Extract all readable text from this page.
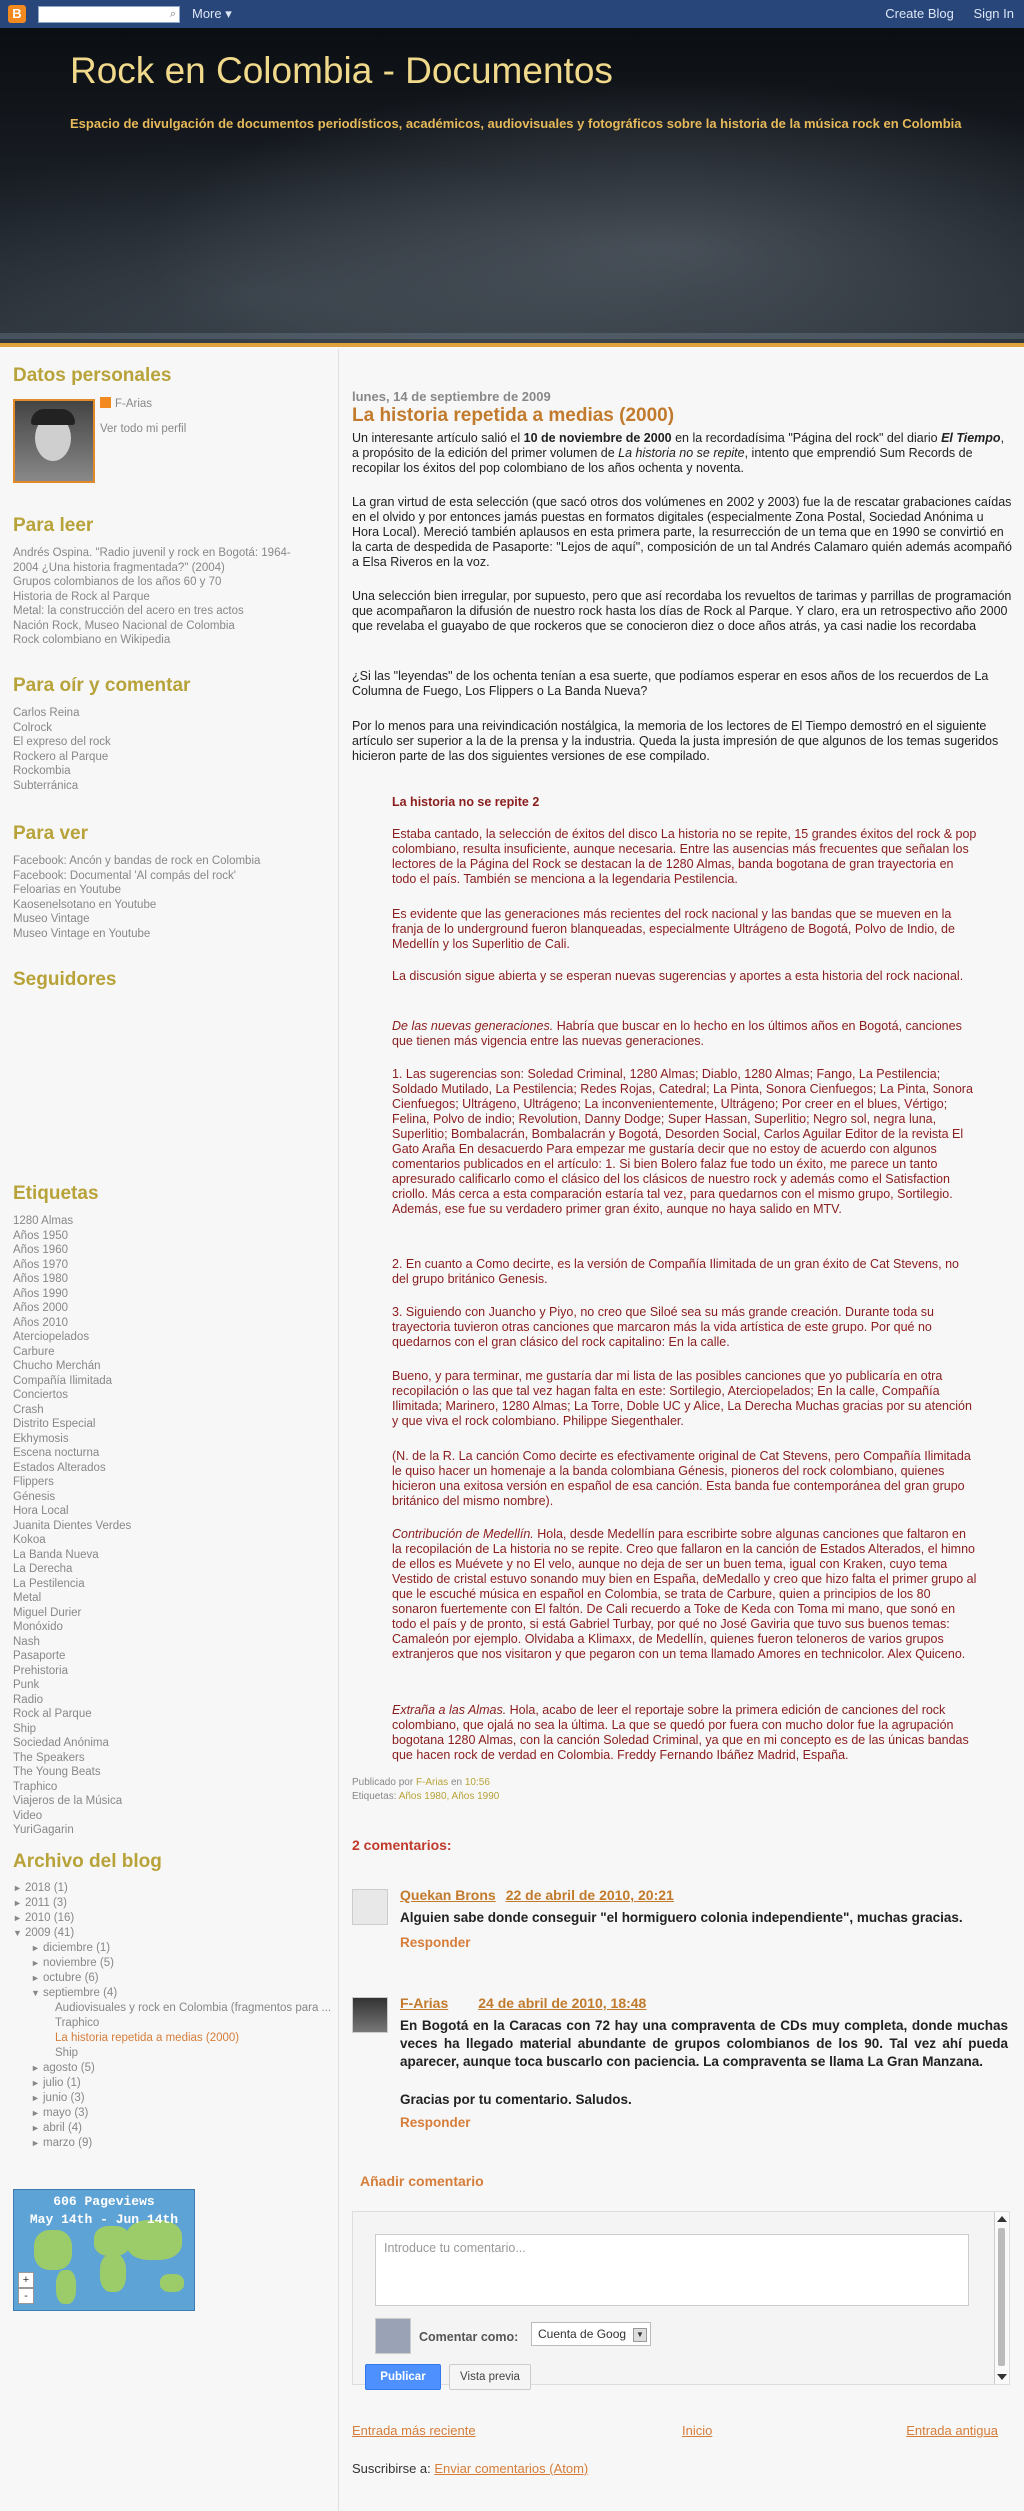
B	⌕ More ▾	Create Blog Sign In
Rock en Colombia - Documentos
Espacio de divulgación de documentos periodísticos, académicos, audiovisuales y fotográficos sobre la historia de la música rock en Colombia
Datos personales
F-Arias
Ver todo mi perfil
Para leer
Andrés Ospina. "Radio juvenil y rock en Bogotá: 1964-
2004 ¿Una historia fragmentada?" (2004)
Grupos colombianos de los años 60 y 70
Historia de Rock al Parque
Metal: la construcción del acero en tres actos
Nación Rock, Museo Nacional de Colombia
Rock colombiano en Wikipedia
Para oír y comentar
Carlos Reina
Colrock
El expreso del rock
Rockero al Parque
Rockombia
Subterránica
Para ver
Facebook: Ancón y bandas de rock en Colombia
Facebook: Documental 'Al compás del rock'
Feloarias en Youtube
Kaosenelsotano en Youtube
Museo Vintage
Museo Vintage en Youtube
Seguidores
Etiquetas
1280 Almas
Años 1950
Años 1960
Años 1970
Años 1980
Años 1990
Años 2000
Años 2010
Aterciopelados
Carbure
Chucho Merchán
Compañía Ilimitada
Conciertos
Crash
Distrito Especial
Ekhymosis
Escena nocturna
Estados Alterados
Flippers
Génesis
Hora Local
Juanita Dientes Verdes
Kokoa
La Banda Nueva
La Derecha
La Pestilencia
Metal
Miguel Durier
Monóxido
Nash
Pasaporte
Prehistoria
Punk
Radio
Rock al Parque
Ship
Sociedad Anónima
The Speakers
The Young Beats
Traphico
Viajeros de la Música
Video
YuriGagarin
Archivo del blog
► 2018 (1)
► 2011 (3)
► 2010 (16)
▼ 2009 (41)
► diciembre (1)
► noviembre (5)
► octubre (6)
▼ septiembre (4)
Audiovisuales y rock en Colombia (fragmentos para ...
Traphico
La historia repetida a medias (2000)
Ship
► agosto (5)
► julio (1)
► junio (3)
► mayo (3)
► abril (4)
► marzo (9)
606 Pageviews
May 14th - Jun 14th
+
-
lunes, 14 de septiembre de 2009
La historia repetida a medias (2000)
Un interesante artículo salió el 10 de noviembre de 2000 en la recordadísima "Página del rock" del diario El Tiempo, a propósito de la edición del primer volumen de La historia no se repite, intento que emprendió Sum Records de recopilar los éxitos del pop colombiano de los años ochenta y noventa.
La gran virtud de esta selección (que sacó otros dos volúmenes en 2002 y 2003) fue la de rescatar grabaciones caídas en el olvido y por entonces jamás puestas en formatos digitales (especialmente Zona Postal, Sociedad Anónima u Hora Local). Mereció también aplausos en esta primera parte, la resurrección de un tema que en 1990 se convirtió en la carta de despedida de Pasaporte: "Lejos de aquí", composición de un tal Andrés Calamaro quién además acompañó a Elsa Riveros en la voz.
Una selección bien irregular, por supuesto, pero que así recordaba los revueltos de tarimas y parrillas de programación que acompañaron la difusión de nuestro rock hasta los días de Rock al Parque. Y claro, era un retrospectivo año 2000 que revelaba el guayabo de que rockeros que se conocieron diez o doce años atrás, ya casi nadie los recordaba
¿Si las "leyendas" de los ochenta tenían a esa suerte, que podíamos esperar en esos años de los recuerdos de La Columna de Fuego, Los Flippers o La Banda Nueva?
Por lo menos para una reivindicación nostálgica, la memoria de los lectores de El Tiempo demostró en el siguiente artículo ser superior a la de la prensa y la industria. Queda la justa impresión de que algunos de los temas sugeridos hicieron parte de las dos siguientes versiones de ese compilado.
La historia no se repite 2
Estaba cantado, la selección de éxitos del disco La historia no se repite, 15 grandes éxitos del rock & pop colombiano, resulta insuficiente, aunque necesaria. Entre las ausencias más frecuentes que señalan los lectores de la Página del Rock se destacan la de 1280 Almas, banda bogotana de gran trayectoria en todo el país. También se menciona a la legendaria Pestilencia.
Es evidente que las generaciones más recientes del rock nacional y las bandas que se mueven en la franja de lo underground fueron blanqueadas, especialmente Ultrágeno de Bogotá, Polvo de Indio, de Medellín y los Superlitio de Cali.
La discusión sigue abierta y se esperan nuevas sugerencias y aportes a esta historia del rock nacional.
De las nuevas generaciones. Habría que buscar en lo hecho en los últimos años en Bogotá, canciones que tienen más vigencia entre las nuevas generaciones.
1. Las sugerencias son: Soledad Criminal, 1280 Almas; Diablo, 1280 Almas; Fango, La Pestilencia; Soldado Mutilado, La Pestilencia; Redes Rojas, Catedral; La Pinta, Sonora Cienfuegos; La Pinta, Sonora Cienfuegos; Ultrágeno, Ultrágeno; La inconvenientemente, Ultrágeno; Por creer en el blues, Vértigo; Felina, Polvo de indio; Revolution, Danny Dodge; Super Hassan, Superlitio; Negro sol, negra luna, Superlitio; Bombalacrán, Bombalacrán y Bogotá, Desorden Social, Carlos Aguilar Editor de la revista El Gato Araña En desacuerdo Para empezar me gustaría decir que no estoy de acuerdo con algunos comentarios publicados en el artículo: 1. Si bien Bolero falaz fue todo un éxito, me parece un tanto apresurado calificarlo como el clásico del los clásicos de nuestro rock y además como el Satisfaction criollo. Más cerca a esta comparación estaría tal vez, para quedarnos con el mismo grupo, Sortilegio. Además, ese fue su verdadero primer gran éxito, aunque no haya salido en MTV.
2. En cuanto a Como decirte, es la versión de Compañía Ilimitada de un gran éxito de Cat Stevens, no del grupo británico Genesis.
3. Siguiendo con Juancho y Piyo, no creo que Siloé sea su más grande creación. Durante toda su trayectoria tuvieron otras canciones que marcaron más la vida artística de este grupo. Por qué no quedarnos con el gran clásico del rock capitalino: En la calle.
Bueno, y para terminar, me gustaría dar mi lista de las posibles canciones que yo publicaría en otra recopilación o las que tal vez hagan falta en este: Sortilegio, Aterciopelados; En la calle, Compañía Ilimitada; Marinero, 1280 Almas; La Torre, Doble UC y Alice, La Derecha Muchas gracias por su atención y que viva el rock colombiano. Philippe Siegenthaler.
(N. de la R. La canción Como decirte es efectivamente original de Cat Stevens, pero Compañía Ilimitada le quiso hacer un homenaje a la banda colombiana Génesis, pioneros del rock colombiano, quienes hicieron una exitosa versión en español de esa canción. Esta banda fue contemporánea del gran grupo británico del mismo nombre).
Contribución de Medellín. Hola, desde Medellín para escribirte sobre algunas canciones que faltaron en la recopilación de La historia no se repite. Creo que fallaron en la canción de Estados Alterados, el himno de ellos es Muévete y no El velo, aunque no deja de ser un buen tema, igual con Kraken, cuyo tema Vestido de cristal estuvo sonando muy bien en España, deMedallo y creo que hizo falta el primer grupo al que le escuché música en español en Colombia, se trata de Carbure, quien a principios de los 80 sonaron fuertemente con El faltón. De Cali recuerdo a Toke de Keda con Toma mi mano, que sonó en todo el país y de pronto, si está Gabriel Turbay, por qué no José Gaviria que tuvo sus buenos temas: Camaleón por ejemplo. Olvidaba a Klimaxx, de Medellín, quienes fueron teloneros de varios grupos extranjeros que nos visitaron y que pegaron con un tema llamado Amores en technicolor. Alex Quiceno.
Extraña a las Almas. Hola, acabo de leer el reportaje sobre la primera edición de canciones del rock colombiano, que ojalá no sea la última. La que se quedó por fuera con mucho dolor fue la agrupación bogotana 1280 Almas, con la canción Soledad Criminal, ya que en mi concepto es de las únicas bandas que hacen rock de verdad en Colombia. Freddy Fernando Ibáñez Madrid, España.
Publicado por F-Arias en 10:56
Etiquetas: Años 1980, Años 1990
2 comentarios:
Quekan Brons 22 de abril de 2010, 20:21
Alguien sabe donde conseguir "el hormiguero colonia independiente", muchas gracias.
Responder
F-Arias 24 de abril de 2010, 18:48
En Bogotá en la Caracas con 72 hay una compraventa de CDs muy completa, donde muchas veces ha llegado material abundante de grupos colombianos de los 90. Tal vez ahí pueda aparecer, aunque toca buscarlo con paciencia. La compraventa se llama La Gran Manzana.
Gracias por tu comentario. Saludos.
Responder
Añadir comentario
Introduce tu comentario...
Comentar como:	Cuenta de Goog	▼
Publicar	Vista previa
Entrada más reciente	Inicio	Entrada antigua
Suscribirse a: Enviar comentarios (Atom)
